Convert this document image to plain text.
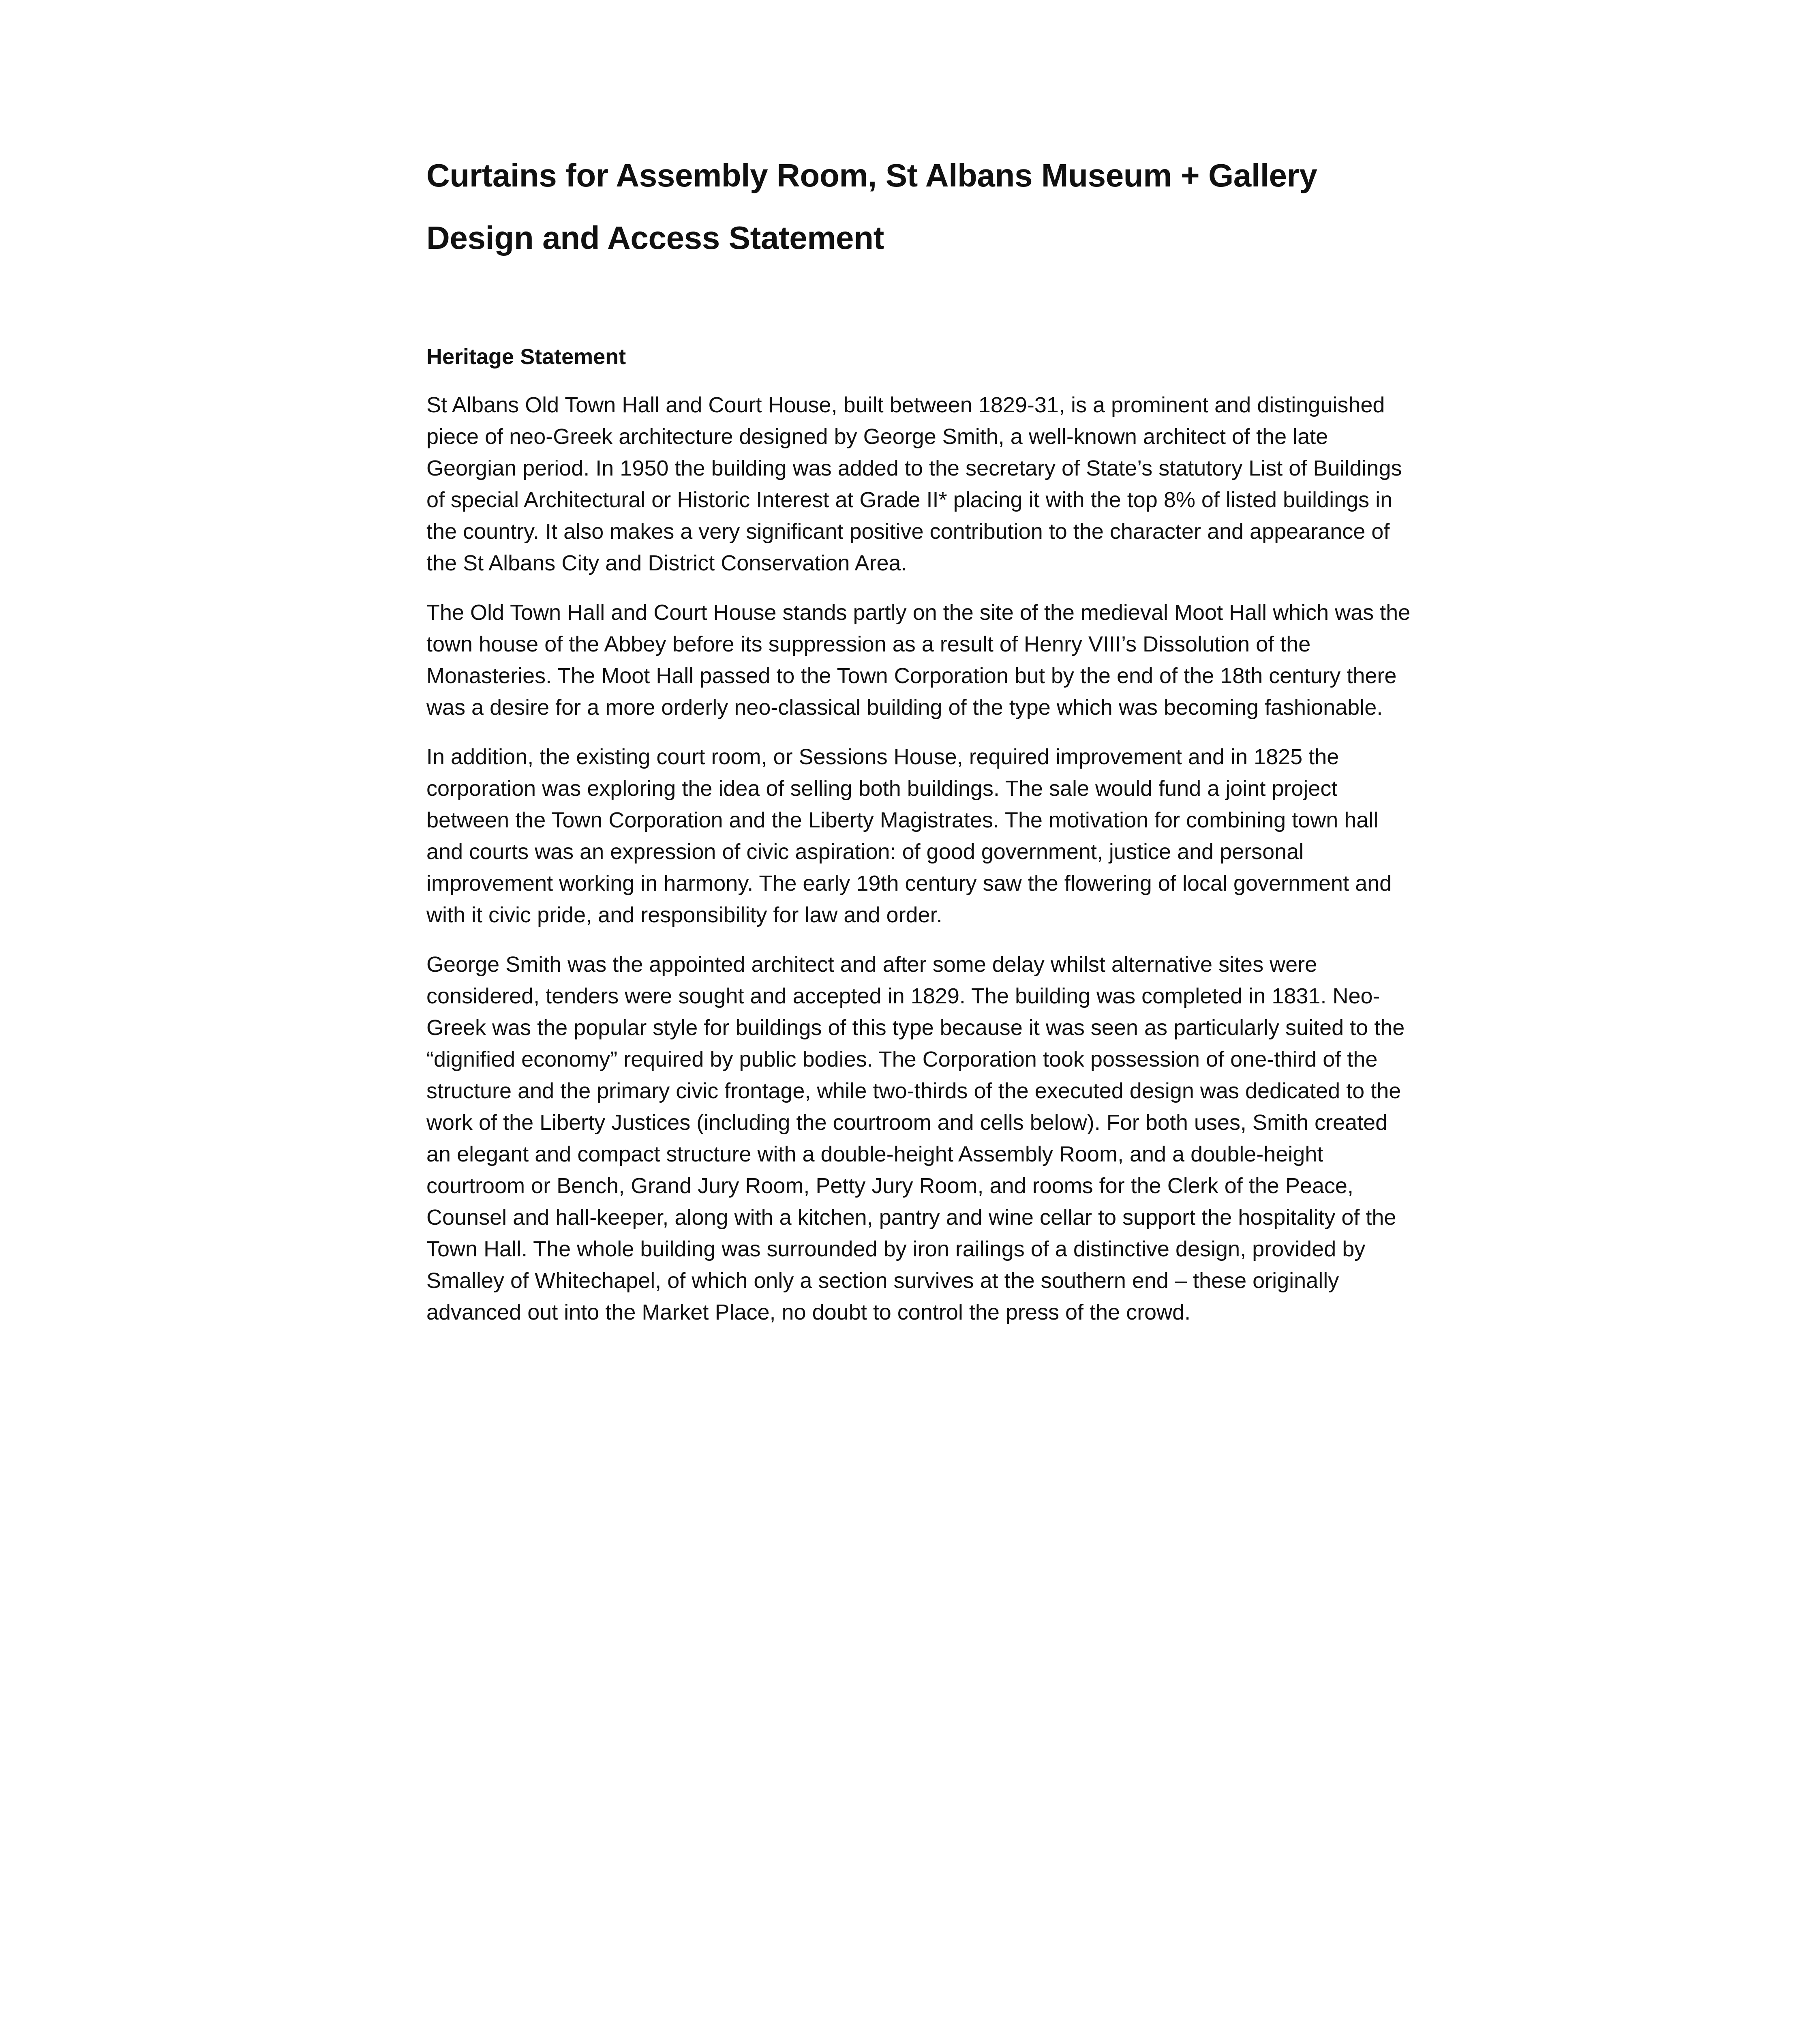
Curtains for Assembly Room, St Albans Museum + Gallery
Design and Access Statement
Heritage Statement

St Albans Old Town Hall and Court House, built between 1829-31, is a prominent and distinguished piece of neo-Greek architecture designed by George Smith, a well-known architect of the late Georgian period. In 1950 the building was added to the secretary of State’s statutory List of Buildings of special Architectural or Historic Interest at Grade II* placing it with the top 8% of listed buildings in the country. It also makes a very significant positive contribution to the character and appearance of the St Albans City and District Conservation Area.

The Old Town Hall and Court House stands partly on the site of the medieval Moot Hall which was the town house of the Abbey before its suppression as a result of Henry VIII’s Dissolution of the Monasteries. The Moot Hall passed to the Town Corporation but by the end of the 18th century there was a desire for a more orderly neo-classical building of the type which was becoming fashionable.

In addition, the existing court room, or Sessions House, required improvement and in 1825 the corporation was exploring the idea of selling both buildings. The sale would fund a joint project between the Town Corporation and the Liberty Magistrates. The motivation for combining town hall and courts was an expression of civic aspiration: of good government, justice and personal improvement working in harmony. The early 19th century saw the flowering of local government and with it civic pride, and responsibility for law and order.

George Smith was the appointed architect and after some delay whilst alternative sites were considered, tenders were sought and accepted in 1829. The building was completed in 1831. Neo-Greek was the popular style for buildings of this type because it was seen as particularly suited to the “dignified economy” required by public bodies. The Corporation took possession of one-third of the structure and the primary civic frontage, while two-thirds of the executed design was dedicated to the work of the Liberty Justices (including the courtroom and cells below). For both uses, Smith created an elegant and compact structure with a double-height Assembly Room, and a double-height courtroom or Bench, Grand Jury Room, Petty Jury Room, and rooms for the Clerk of the Peace, Counsel and hall-keeper, along with a kitchen, pantry and wine cellar to support the hospitality of the Town Hall. The whole building was surrounded by iron railings of a distinctive design, provided by Smalley of Whitechapel, of which only a section survives at the southern end – these originally advanced out into the Market Place, no doubt to control the press of the crowd.
